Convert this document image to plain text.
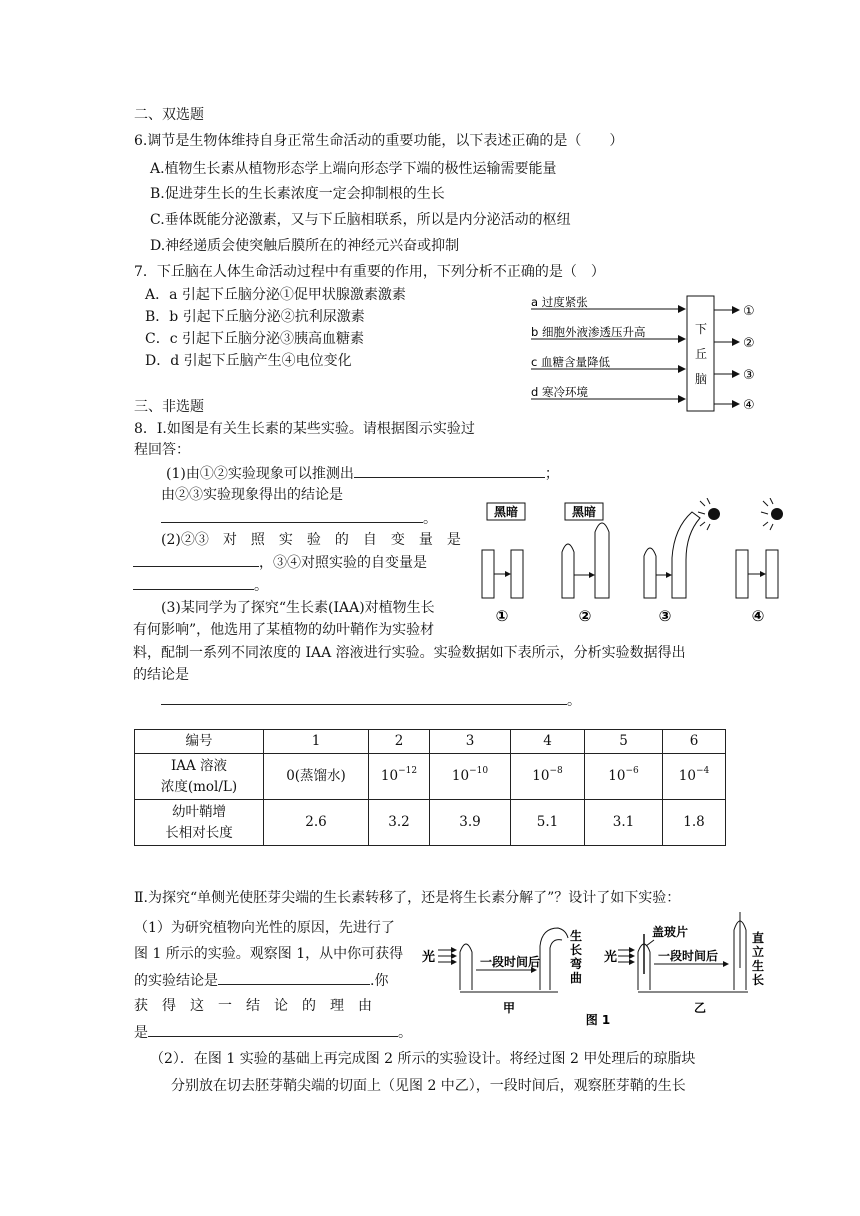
二、双选题
6.调节是生物体维持自身正常生命活动的重要功能，以下表述正确的是（　　）
A.植物生长素从植物形态学上端向形态学下端的极性运输需要能量
B.促进芽生长的生长素浓度一定会抑制根的生长
C.垂体既能分泌激素，又与下丘脑相联系，所以是内分泌活动的枢纽
D.神经递质会使突触后膜所在的神经元兴奋或抑制
7．下丘脑在人体生命活动过程中有重要的作用，下列分析不正确的是（　）
A．a 引起下丘脑分泌①促甲状腺激素激素
B．b 引起下丘脑分泌②抗利尿激素
C．c 引起下丘脑分泌③胰高血糖素
D．d 引起下丘脑产生④电位变化
下
丘
脑
a 过度紧张
b 细胞外液渗透压升高
c 血糖含量降低
d 寒冷环境
①
②
③
④
三、非选题
8．Ⅰ.如图是有关生长素的某些实验。请根据图示实验过
程回答：
(1)由①②实验现象可以推测出	；
由②③实验现象得出的结论是
。
(2)②③　对　照　实　验　的　自　变　量　是
，③④对照实验的自变量是
。
(3)某同学为了探究“生长素(IAA)对植物生长
有何影响”，他选用了某植物的幼叶鞘作为实验材
料，配制一系列不同浓度的 IAA 溶液进行实验。实验数据如下表所示，分析实验数据得出
的结论是
。
黑暗	黑暗
①	②	③	④
编号	1	2	3	4	5	6

IAA 溶液
浓度(mol/L)	0(蒸馏水)	$10^{-12}$	$10^{-10}$	$10^{-8}$	$10^{-6}$	$10^{-4}$

幼叶鞘增
长相对长度	2.6	3.2	3.9	5.1	3.1	1.8
Ⅱ.为探究“单侧光使胚芽尖端的生长素转移了，还是将生长素分解了”？设计了如下实验：
（1）为研究植物向光性的原因，先进行了
图 1 所示的实验。观察图 1，从中你可获得
的实验结论是	.你
获　得　这　一　结　论　的　理　由
是	。
（2）．在图 1 实验的基础上再完成图 2 所示的实验设计。将经过图 2 甲处理后的琼脂块
分别放在切去胚芽鞘尖端的切面上（见图 2 中乙），一段时间后，观察胚芽鞘的生长
光	一段时间后
生
长
弯
曲
甲
光
盖玻片
一段时间后
直
立
生
长
乙
图 1
